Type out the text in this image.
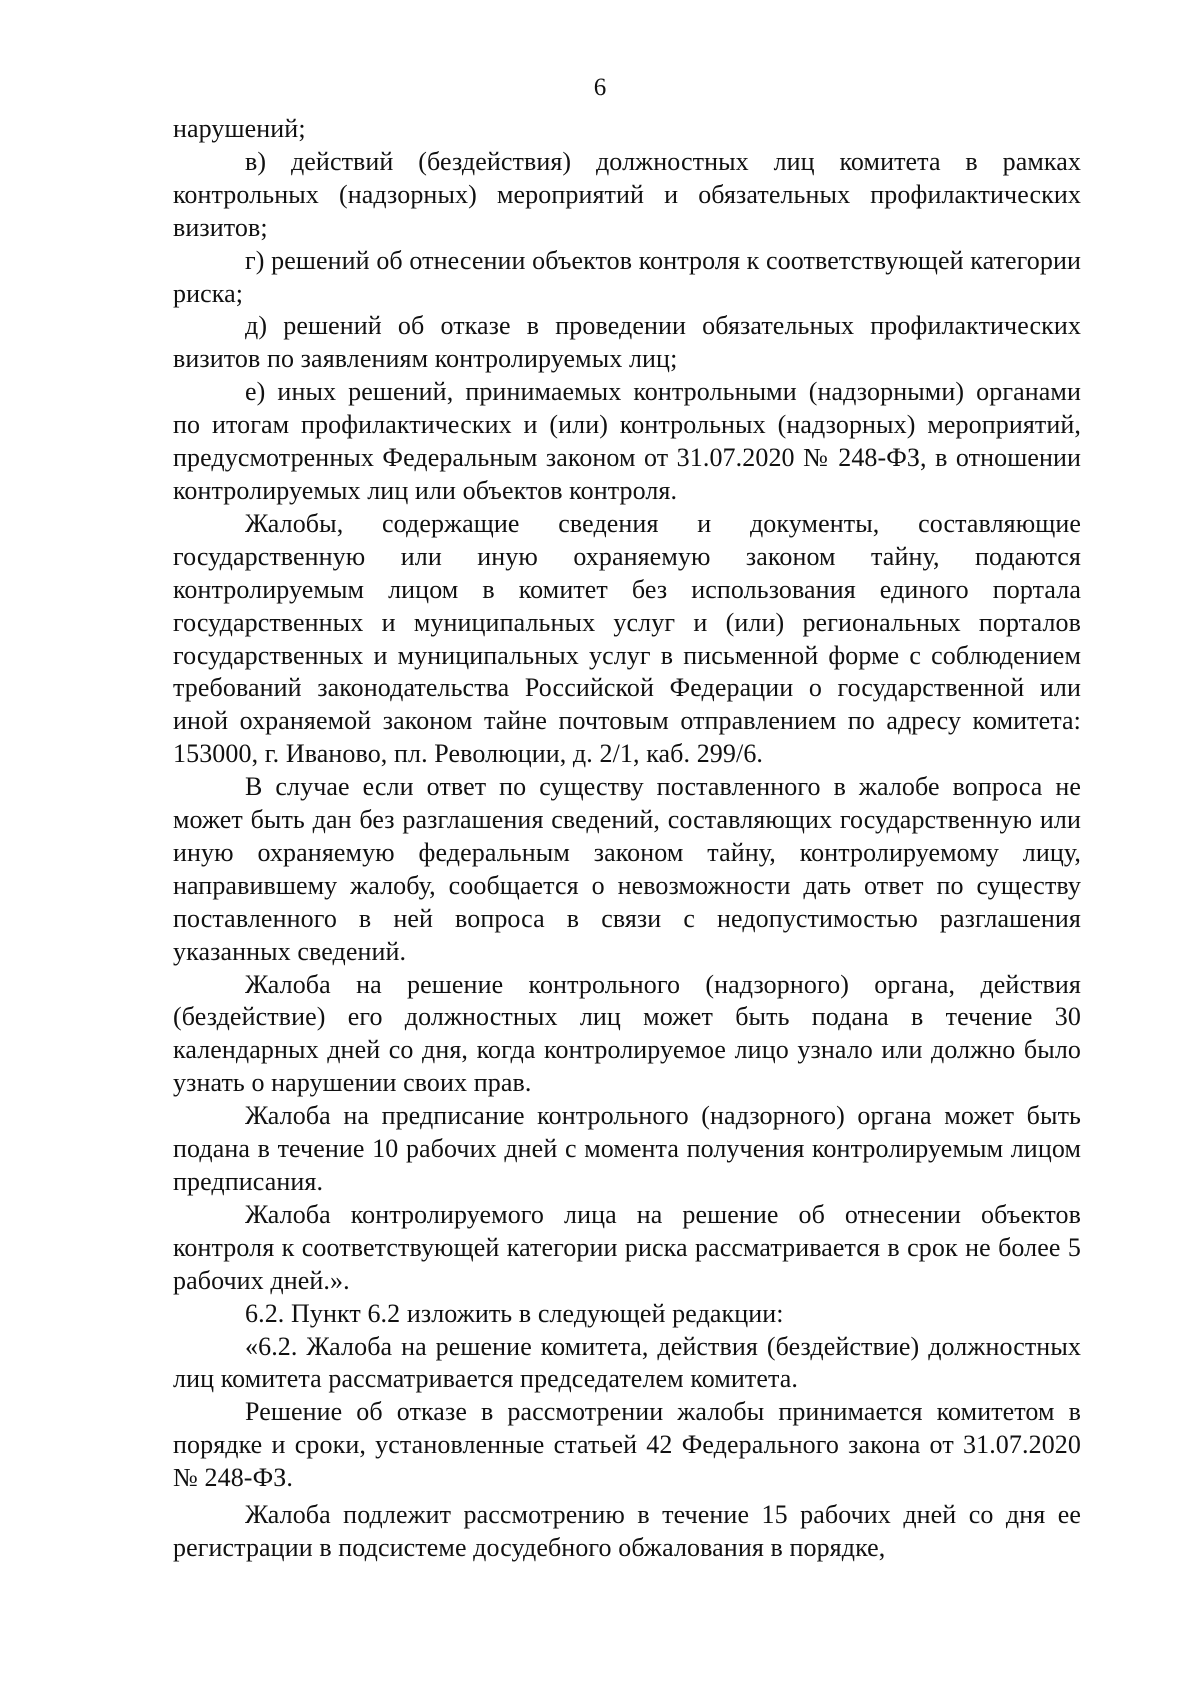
6

нарушений;

в) действий (бездействия) должностных лиц комитета в рамках контрольных (надзорных) мероприятий и обязательных профилактических визитов;

г) решений об отнесении объектов контроля к соответствующей категории риска;

д) решений об отказе в проведении обязательных профилактических визитов по заявлениям контролируемых лиц;

е) иных решений, принимаемых контрольными (надзорными) органами по итогам профилактических и (или) контрольных (надзорных) мероприятий, предусмотренных Федеральным законом от 31.07.2020 № 248-ФЗ, в отношении контролируемых лиц или объектов контроля.

Жалобы, содержащие сведения и документы, составляющие государственную или иную охраняемую законом тайну, подаются контролируемым лицом в комитет без использования единого портала государственных и муниципальных услуг и (или) региональных порталов государственных и муниципальных услуг в письменной форме с соблюдением требований законодательства Российской Федерации о государственной или иной охраняемой законом тайне почтовым отправлением по адресу комитета: 153000, г. Иваново, пл. Революции, д. 2/1, каб. 299/6.

В случае если ответ по существу поставленного в жалобе вопроса не может быть дан без разглашения сведений, составляющих государственную или иную охраняемую федеральным законом тайну, контролируемому лицу, направившему жалобу, сообщается о невозможности дать ответ по существу поставленного в ней вопроса в связи с недопустимостью разглашения указанных сведений.

Жалоба на решение контрольного (надзорного) органа, действия (бездействие) его должностных лиц может быть подана в течение 30 календарных дней со дня, когда контролируемое лицо узнало или должно было узнать о нарушении своих прав.

Жалоба на предписание контрольного (надзорного) органа может быть подана в течение 10 рабочих дней с момента получения контролируемым лицом предписания.

Жалоба контролируемого лица на решение об отнесении объектов контроля к соответствующей категории риска рассматривается в срок не более 5 рабочих дней.».

6.2. Пункт 6.2 изложить в следующей редакции:

«6.2. Жалоба на решение комитета, действия (бездействие) должностных лиц комитета рассматривается председателем комитета.

Решение об отказе в рассмотрении жалобы принимается комитетом в порядке и сроки, установленные статьей 42 Федерального закона от 31.07.2020 № 248-ФЗ.

Жалоба подлежит рассмотрению в течение 15 рабочих дней со дня ее регистрации в подсистеме досудебного обжалования в порядке,
